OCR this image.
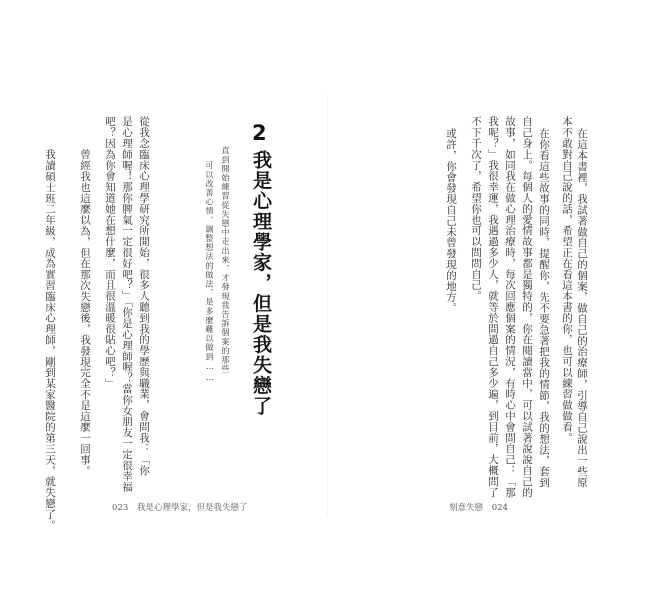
2
我是心理學家，但是我失戀了
直到開始練習從失戀中走出來，才發現我告訴個案的那些
可以改善心情、調整想法的做法，是多麼難以做到……
從我念臨床心理學研究所開始，很多人聽到我的學歷與職業，會問我：「你
是心理師喔！那你脾氣一定很好吧？」「你是心理師喔？當你女朋友一定很幸福
吧？因為你會知道她在想什麼，而且很溫暖很貼心吧？」
曾經我也這麼以為，但在那次失戀後，我發現完全不是這麼一回事。
我讀碩士班二年級，成為實習臨床心理師，剛到某家醫院的第三天，就失戀了。	023 我是心理學家，但是我失戀了
在這本書裡，我試著做自己的個案，做自己的治療師，引導自己說出一些原
本不敢對自己說的話，希望正在看這本書的你，也可以練習做做看。
在你看這些故事的同時，提醒你，先不要急著把我的情節，我的想法，套到
自己身上。每個人的愛情故事都是獨特的，你在閱讀當中，可以試著說說自己的
故事，如同我在做心理治療時，每次回應個案的情況，有時心中會問自己：「那
我呢？」我很幸運，我遇過多少人，就等於問過自己多少遍，到目前，大概問了
不下千次了，希望你也可以問問自己。
或許，你會發現自己未曾發現的地方。
刻意失戀 024
